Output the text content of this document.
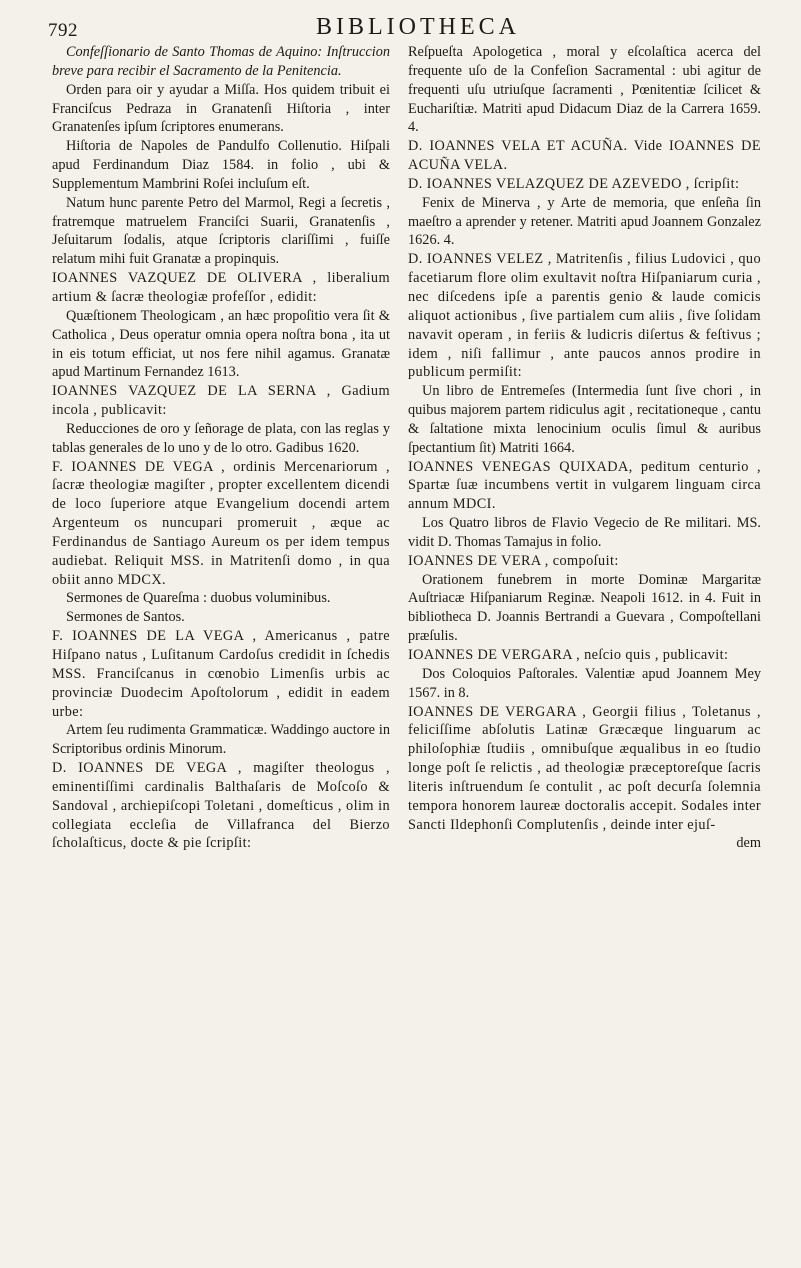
792	BIBLIOTHECA

Confeſſionario de Santo Thomas de Aquino: Inſtruccion breve para recibir el Sacramento de la Penitencia.

Orden para oir y ayudar a Miſſa. Hos quidem tribuit ei Franciſcus Pedraza in Granatenſi Hiſtoria , inter Granatenſes ipſum ſcriptores enumerans.

Hiſtoria de Napoles de Pandulfo Collenutio. Hiſpali apud Ferdinandum Diaz 1584. in folio , ubi & Supplementum Mambrini Roſei incluſum eſt.

Natum hunc parente Petro del Marmol, Regi a ſecretis , fratremque matruelem Franciſci Suarii, Granatenſis , Jeſuitarum ſodalis, atque ſcriptoris clariſſimi , fuiſſe relatum mihi fuit Granatæ a propinquis.

IOANNES VAZQUEZ DE OLIVERA , liberalium artium & ſacræ theologiæ profeſſor , edidit:

Quæſtionem Theologicam , an hæc propoſitio vera ſit & Catholica , Deus operatur omnia opera noſtra bona , ita ut in eis totum efficiat, ut nos fere nihil agamus. Granatæ apud Martinum Fernandez 1613.

IOANNES VAZQUEZ DE LA SERNA , Gadium incola , publicavit:

Reducciones de oro y ſeñorage de plata, con las reglas y tablas generales de lo uno y de lo otro. Gadibus 1620.

F. IOANNES DE VEGA , ordinis Mercenariorum , ſacræ theologiæ magiſter , propter excellentem dicendi de loco ſuperiore atque Evangelium docendi artem Argenteum os nuncupari promeruit , æque ac Ferdinandus de Santiago Aureum os per idem tempus audiebat. Reliquit MSS. in Matritenſi domo , in qua obiit anno MDCX.

Sermones de Quareſma : duobus voluminibus.

Sermones de Santos.

F. IOANNES DE LA VEGA , Americanus , patre Hiſpano natus , Luſitanum Cardoſus credidit in ſchedis MSS. Franciſcanus in cœnobio Limenſis urbis ac provinciæ Duodecim Apoſtolorum , edidit in eadem urbe:

Artem ſeu rudimenta Grammaticæ. Waddingo auctore in Scriptoribus ordinis Minorum.

D. IOANNES DE VEGA , magiſter theologus , eminentiſſimi cardinalis Balthaſaris de Moſcoſo & Sandoval , archiepiſcopi Toletani , domeſticus , olim in collegiata eccleſia de Villafranca del Bierzo ſcholaſticus, docte & pie ſcripſit:

Reſpueſta Apologetica , moral y eſcolaſtica acerca del frequente uſo de la Confeſion Sacramental : ubi agitur de frequenti uſu utriuſque ſacramenti , Pœnitentiæ ſcilicet & Euchariſtiæ. Matriti apud Didacum Diaz de la Carrera 1659. 4.

D. IOANNES VELA ET ACUÑA. Vide IOANNES DE ACUÑA VELA.

D. IOANNES VELAZQUEZ DE AZEVEDO , ſcripſit:

Fenix de Minerva , y Arte de memoria, que enſeña ſin maeſtro a aprender y retener. Matriti apud Joannem Gonzalez 1626. 4.

D. IOANNES VELEZ , Matritenſis , filius Ludovici , quo facetiarum flore olim exultavit noſtra Hiſpaniarum curia , nec diſcedens ipſe a parentis genio & laude comicis aliquot actionibus , ſive partialem cum aliis , ſive ſolidam navavit operam , in feriis & ludicris diſertus & feſtivus ; idem , niſi fallimur , ante paucos annos prodire in publicum permiſit:

Un libro de Entremeſes (Intermedia ſunt ſive chori , in quibus majorem partem ridiculus agit , recitationeque , cantu & ſaltatione mixta lenocinium oculis ſimul & auribus ſpectantium ſit) Matriti 1664.

IOANNES VENEGAS QUIXADA, peditum centurio , Spartæ ſuæ incumbens vertit in vulgarem linguam circa annum MDCI.

Los Quatro libros de Flavio Vegecio de Re militari. MS. vidit D. Thomas Tamajus in folio.

IOANNES DE VERA , compoſuit:

Orationem funebrem in morte Dominæ Margaritæ Auſtriacæ Hiſpaniarum Reginæ. Neapoli 1612. in 4. Fuit in bibliotheca D. Joannis Bertrandi a Guevara , Compoſtellani præſulis.

IOANNES DE VERGARA , neſcio quis , publicavit:

Dos Coloquios Paſtorales. Valentiæ apud Joannem Mey 1567. in 8.

IOANNES DE VERGARA , Georgii filius , Toletanus , feliciſſime abſolutis Latinæ Græcæque linguarum ac philoſophiæ ſtudiis , omnibuſque æqualibus in eo ſtudio longe poſt ſe relictis , ad theologiæ præceptoreſque ſacris literis inſtruendum ſe contulit , ac poſt decurſa ſolemnia tempora honorem laureæ doctoralis accepit. Sodales inter Sancti Ildephonſi Complutenſis , deinde inter ejuſ-

dem
